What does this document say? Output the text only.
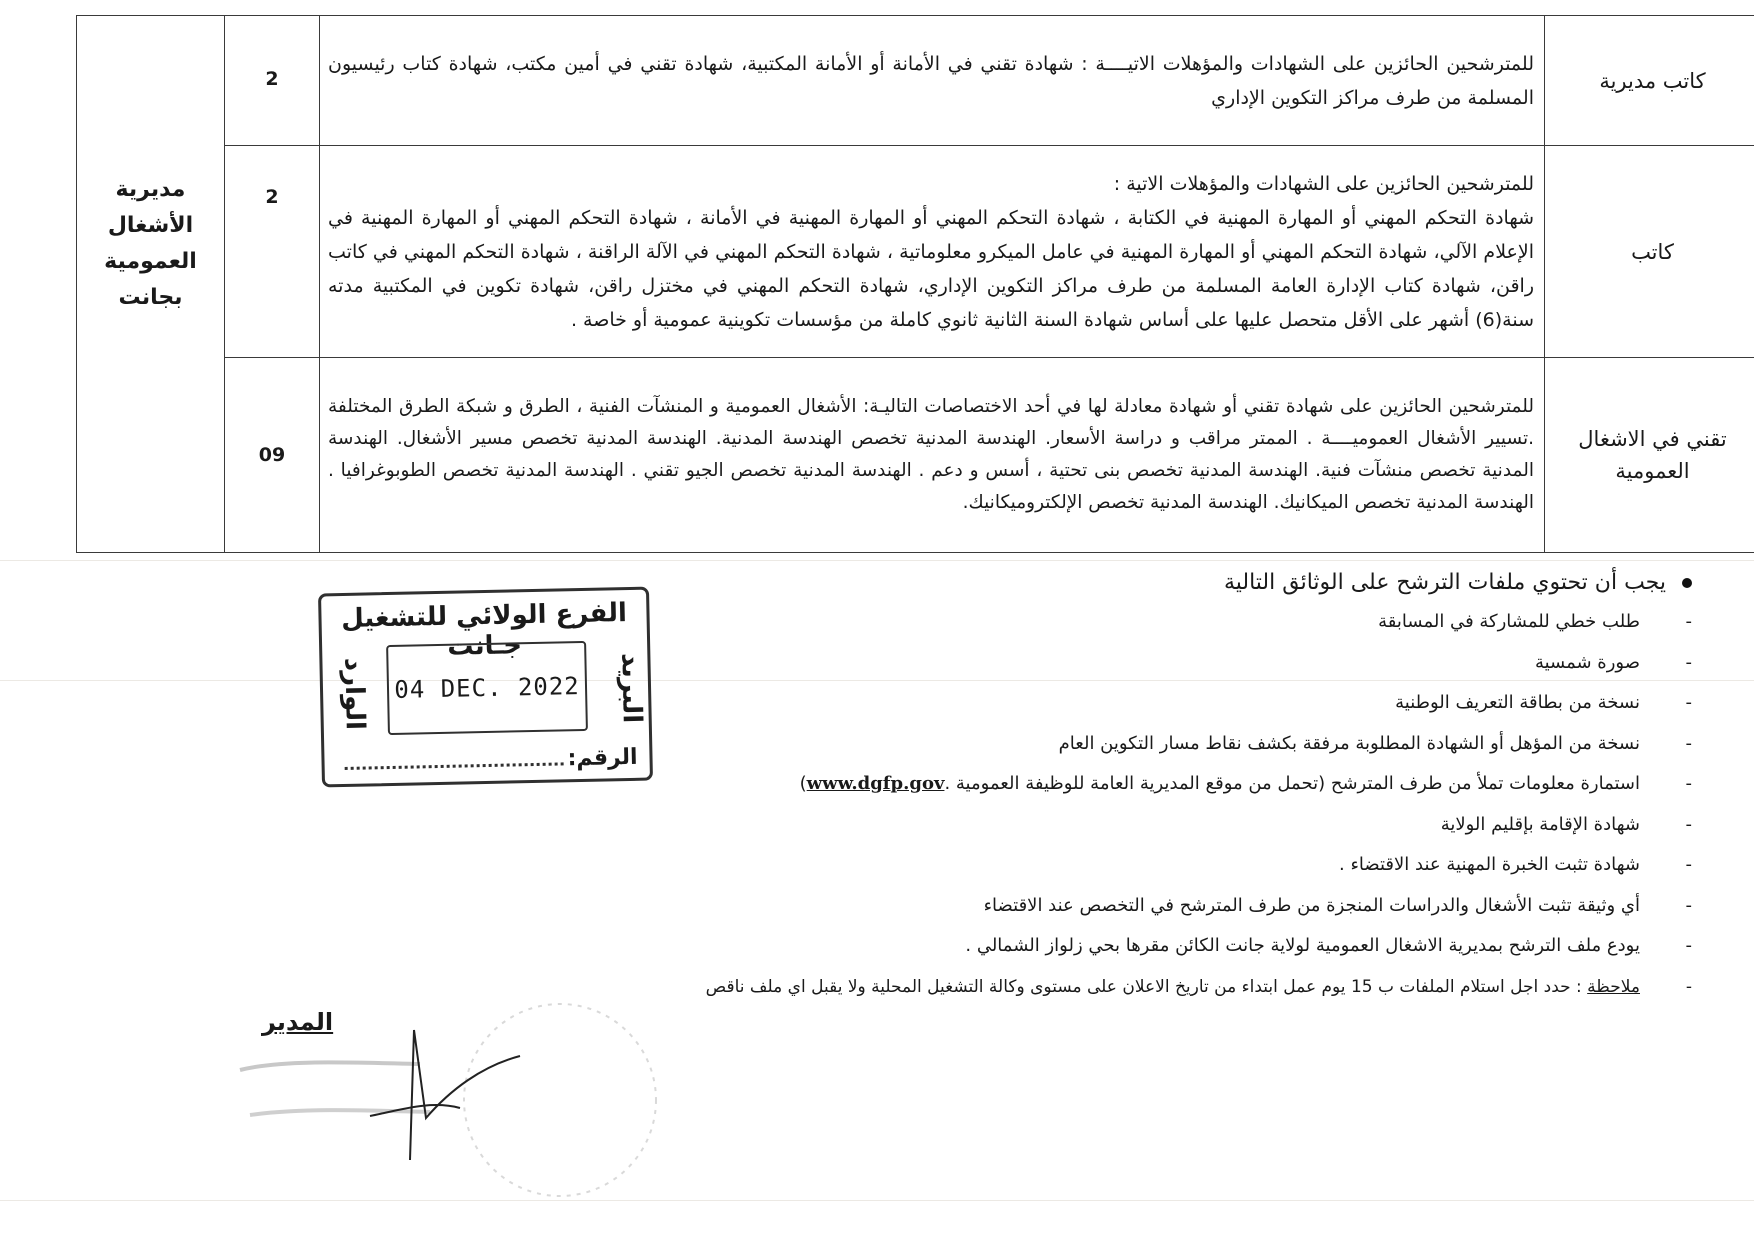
كاتب مديرية	للمترشحين الحائزين على الشهادات والمؤهلات الاتيــــة : شهادة تقني في الأمانة أو الأمانة المكتبية، شهادة تقني في أمين مكتب، شهادة كتاب رئيسيون المسلمة من طرف مراكز التكوين الإداري	2	مديرية الأشغال العمومية بجانت

كاتب	للمترشحين الحائزين على الشهادات والمؤهلات الاتية :
شهادة التحكم المهني أو المهارة المهنية في الكتابة ، شهادة التحكم المهني أو المهارة المهنية في الأمانة ، شهادة التحكم المهني أو المهارة المهنية في الإعلام الآلي، شهادة التحكم المهني أو المهارة المهنية في عامل الميكرو معلوماتية ، شهادة التحكم المهني في الآلة الراقنة ، شهادة التحكم المهني في كاتب راقن، شهادة كتاب الإدارة العامة المسلمة من طرف مراكز التكوين الإداري، شهادة التحكم المهني في مختزل راقن، شهادة تكوين في المكتبية مدته سنة(6) أشهر على الأقل متحصل عليها على أساس شهادة السنة الثانية ثانوي كاملة من مؤسسات تكوينية عمومية أو خاصة .	2	
تقني في الاشغال العمومية	للمترشحين الحائزين على شهادة تقني أو شهادة معادلة لها في أحد الاختصاصات التاليـة: الأشغال العمومية و المنشآت الفنية ، الطرق و شبكة الطرق المختلفة .تسيير الأشغال العموميــــة . الممتر مراقب و دراسة الأسعار. الهندسة المدنية تخصص الهندسة المدنية. الهندسة المدنية تخصص مسير الأشغال. الهندسة المدنية تخصص منشآت فنية. الهندسة المدنية تخصص بنى تحتية ، أسس و دعم . الهندسة المدنية تخصص الجيو تقني . الهندسة المدنية تخصص الطوبوغرافيا . الهندسة المدنية تخصص الميكانيك. الهندسة المدنية تخصص الإلكتروميكانيك.	09	
يجب أن تحتوي ملفات الترشح على الوثائق التالية
-
طلب خطي للمشاركة في المسابقة
-
صورة شمسية
-
نسخة من بطاقة التعريف الوطنية
-
نسخة من المؤهل أو الشهادة المطلوبة مرفقة بكشف نقاط مسار التكوين العام
-
استمارة معلومات تملأ من طرف المترشح (تحمل من موقع المديرية العامة للوظيفة العمومية .www.dgfp.gov)
-
شهادة الإقامة بإقليم الولاية
-
شهادة تثبت الخبرة المهنية عند الاقتضاء .
-
أي وثيقة تثبت الأشغال والدراسات المنجزة من طرف المترشح في التخصص عند الاقتضاء
-
يودع ملف الترشح بمديرية الاشغال العمومية لولاية جانت الكائن مقرها بحي زلواز الشمالي .
-
ملاحظة : حدد اجل استلام الملفات ب 15 يوم عمل ابتداء من تاريخ الاعلان على مستوى وكالة التشغيل المحلية ولا يقبل اي ملف ناقص
الفرع الولائي للتشغيل جـانت
البريد
الوارد 04 DEC. 2022
الرقم:
المدير
